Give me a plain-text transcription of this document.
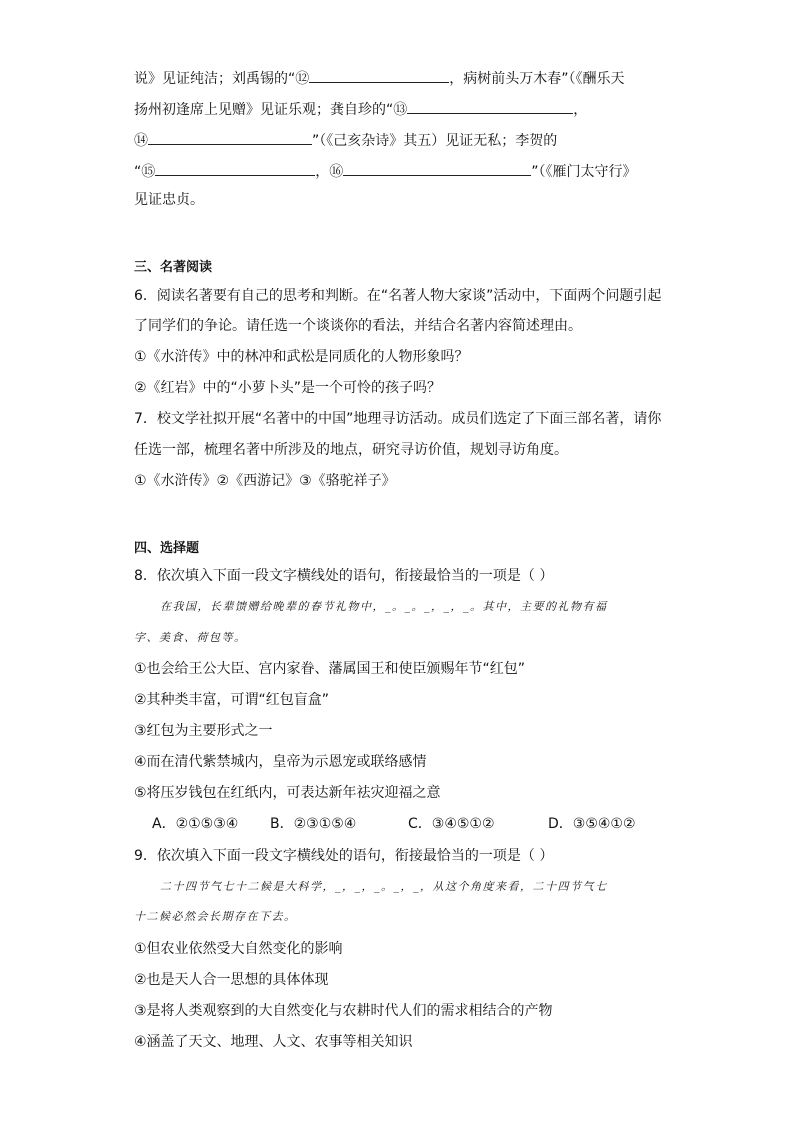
说》见证纯洁；刘禹锡的“⑫	，病树前头万木春”（《酬乐天
扬州初逢席上见赠》见证乐观；龚自珍的“⑬	，
⑭	”（《己亥杂诗》其五）见证无私；李贺的
“⑮	，⑯	”（《雁门太守行》
见证忠贞。
三、名著阅读
6．阅读名著要有自己的思考和判断。在“名著人物大家谈”活动中，下面两个问题引起
了同学们的争论。请任选一个谈谈你的看法，并结合名著内容简述理由。
①《水浒传》中的林冲和武松是同质化的人物形象吗？
②《红岩》中的“小萝卜头”是一个可怜的孩子吗？
7．校文学社拟开展“名著中的中国”地理寻访活动。成员们选定了下面三部名著，请你
任选一部，梳理名著中所涉及的地点，研究寻访价值，规划寻访角度。
①《水浒传》②《西游记》③《骆驼祥子》
四、选择题
8．依次填入下面一段文字横线处的语句，衔接最恰当的一项是（ ）
在我国，长辈馈赠给晚辈的春节礼物中，_。_。_，_，_。其中，主要的礼物有福
字、美食、荷包等。
①也会给王公大臣、宫内家眷、藩属国王和使臣颁赐年节“红包”
②其种类丰富，可谓“红包盲盒”
③红包为主要形式之一
④而在清代紫禁城内，皇帝为示恩宠或联络感情
⑤将压岁钱包在红纸内，可表达新年祛灾迎福之意
A．②①⑤③④ B．②③①⑤④	C．③④⑤①②	D．③⑤④①②
9．依次填入下面一段文字横线处的语句，衔接最恰当的一项是（ ）
二十四节气七十二候是大科学，_，_，_。_，_，从这个角度来看，二十四节气七
十二候必然会长期存在下去。
①但农业依然受大自然变化的影响
②也是天人合一思想的具体体现
③是将人类观察到的大自然变化与农耕时代人们的需求相结合的产物
④涵盖了天文、地理、人文、农事等相关知识
